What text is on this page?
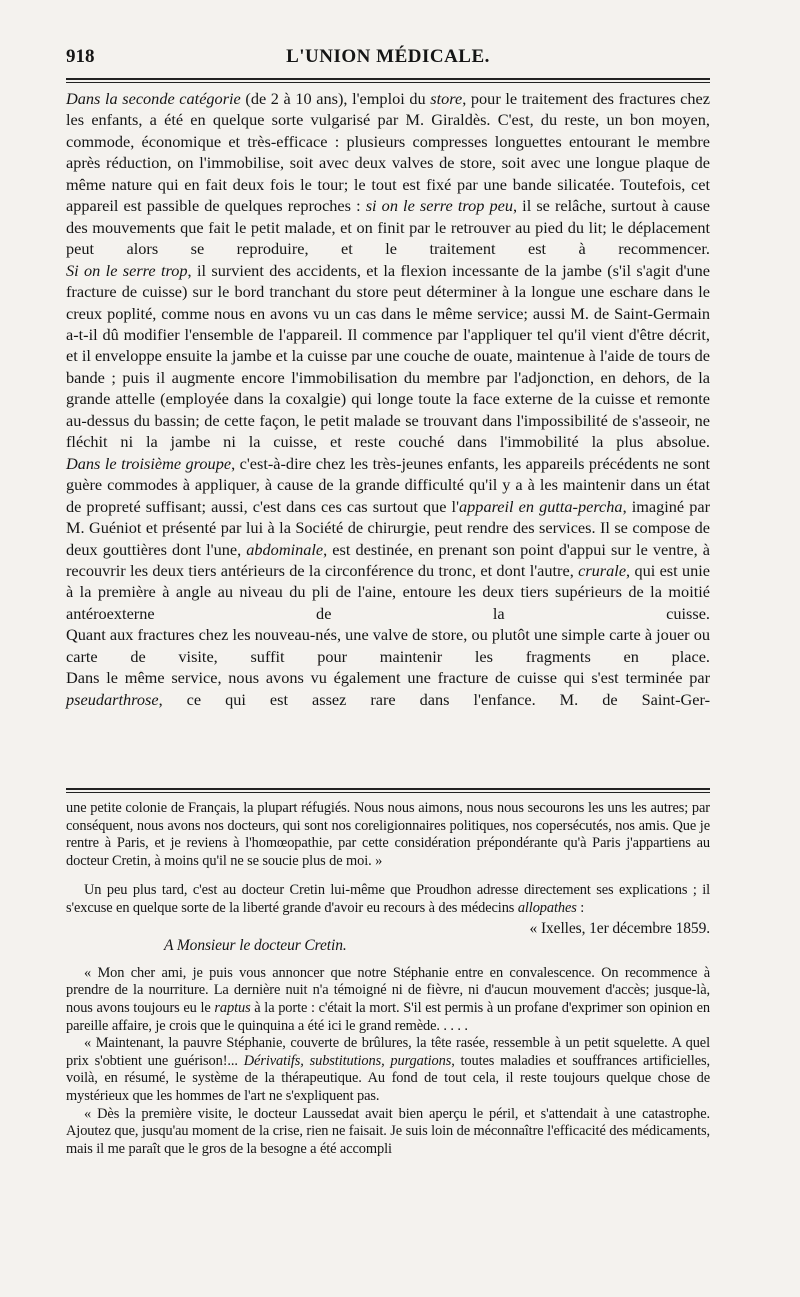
918	L'UNION MÉDICALE.

Dans la seconde catégorie (de 2 à 10 ans), l'emploi du store, pour le traitement des fractures chez les enfants, a été en quelque sorte vulgarisé par M. Giraldès. C'est, du reste, un bon moyen, commode, économique et très-efficace : plusieurs compresses longuettes entourant le membre après réduction, on l'immobilise, soit avec deux valves de store, soit avec une longue plaque de même nature qui en fait deux fois le tour; le tout est fixé par une bande silicatée. Toutefois, cet appareil est passible de quelques reproches : si on le serre trop peu, il se relâche, surtout à cause des mouvements que fait le petit malade, et on finit par le retrouver au pied du lit; le déplacement peut alors se reproduire, et le traitement est à recommencer.

Si on le serre trop, il survient des accidents, et la flexion incessante de la jambe (s'il s'agit d'une fracture de cuisse) sur le bord tranchant du store peut déterminer à la longue une eschare dans le creux poplité, comme nous en avons vu un cas dans le même service; aussi M. de Saint-Germain a-t-il dû modifier l'ensemble de l'appareil. Il commence par l'appliquer tel qu'il vient d'être décrit, et il enveloppe ensuite la jambe et la cuisse par une couche de ouate, maintenue à l'aide de tours de bande ; puis il augmente encore l'immobilisation du membre par l'adjonction, en dehors, de la grande attelle (employée dans la coxalgie) qui longe toute la face externe de la cuisse et remonte au-dessus du bassin; de cette façon, le petit malade se trouvant dans l'impossibilité de s'asseoir, ne fléchit ni la jambe ni la cuisse, et reste couché dans l'immobilité la plus absolue.

Dans le troisième groupe, c'est-à-dire chez les très-jeunes enfants, les appareils précédents ne sont guère commodes à appliquer, à cause de la grande difficulté qu'il y a à les maintenir dans un état de propreté suffisant; aussi, c'est dans ces cas surtout que l'appareil en gutta-percha, imaginé par M. Guéniot et présenté par lui à la Société de chirurgie, peut rendre des services. Il se compose de deux gouttières dont l'une, abdominale, est destinée, en prenant son point d'appui sur le ventre, à recouvrir les deux tiers antérieurs de la circonférence du tronc, et dont l'autre, crurale, qui est unie à la première à angle au niveau du pli de l'aine, entoure les deux tiers supérieurs de la moitié antéroexterne de la cuisse.

Quant aux fractures chez les nouveau-nés, une valve de store, ou plutôt une simple carte à jouer ou carte de visite, suffit pour maintenir les fragments en place.

Dans le même service, nous avons vu également une fracture de cuisse qui s'est terminée par pseudarthrose, ce qui est assez rare dans l'enfance. M. de Saint-Ger-

une petite colonie de Français, la plupart réfugiés. Nous nous aimons, nous nous secourons les uns les autres; par conséquent, nous avons nos docteurs, qui sont nos coreligionnaires politiques, nos copersécutés, nos amis. Que je rentre à Paris, et je reviens à l'homœopathie, par cette considération prépondérante qu'à Paris j'appartiens au docteur Cretin, à moins qu'il ne se soucie plus de moi. »

Un peu plus tard, c'est au docteur Cretin lui-même que Proudhon adresse directement ses explications ; il s'excuse en quelque sorte de la liberté grande d'avoir eu recours à des médecins allopathes :

« Ixelles, 1er décembre 1859.

A Monsieur le docteur Cretin.

« Mon cher ami, je puis vous annoncer que notre Stéphanie entre en convalescence. On recommence à prendre de la nourriture. La dernière nuit n'a témoigné ni de fièvre, ni d'aucun mouvement d'accès; jusque-là, nous avons toujours eu le raptus à la porte : c'était la mort. S'il est permis à un profane d'exprimer son opinion en pareille affaire, je crois que le quinquina a été ici le grand remède. . . . .

« Maintenant, la pauvre Stéphanie, couverte de brûlures, la tête rasée, ressemble à un petit squelette. A quel prix s'obtient une guérison!... Dérivatifs, substitutions, purgations, toutes maladies et souffrances artificielles, voilà, en résumé, le système de la thérapeutique. Au fond de tout cela, il reste toujours quelque chose de mystérieux que les hommes de l'art ne s'expliquent pas.

« Dès la première visite, le docteur Laussedat avait bien aperçu le péril, et s'attendait à une catastrophe. Ajoutez que, jusqu'au moment de la crise, rien ne faisait. Je suis loin de méconnaître l'efficacité des médicaments, mais il me paraît que le gros de la besogne a été accompli
